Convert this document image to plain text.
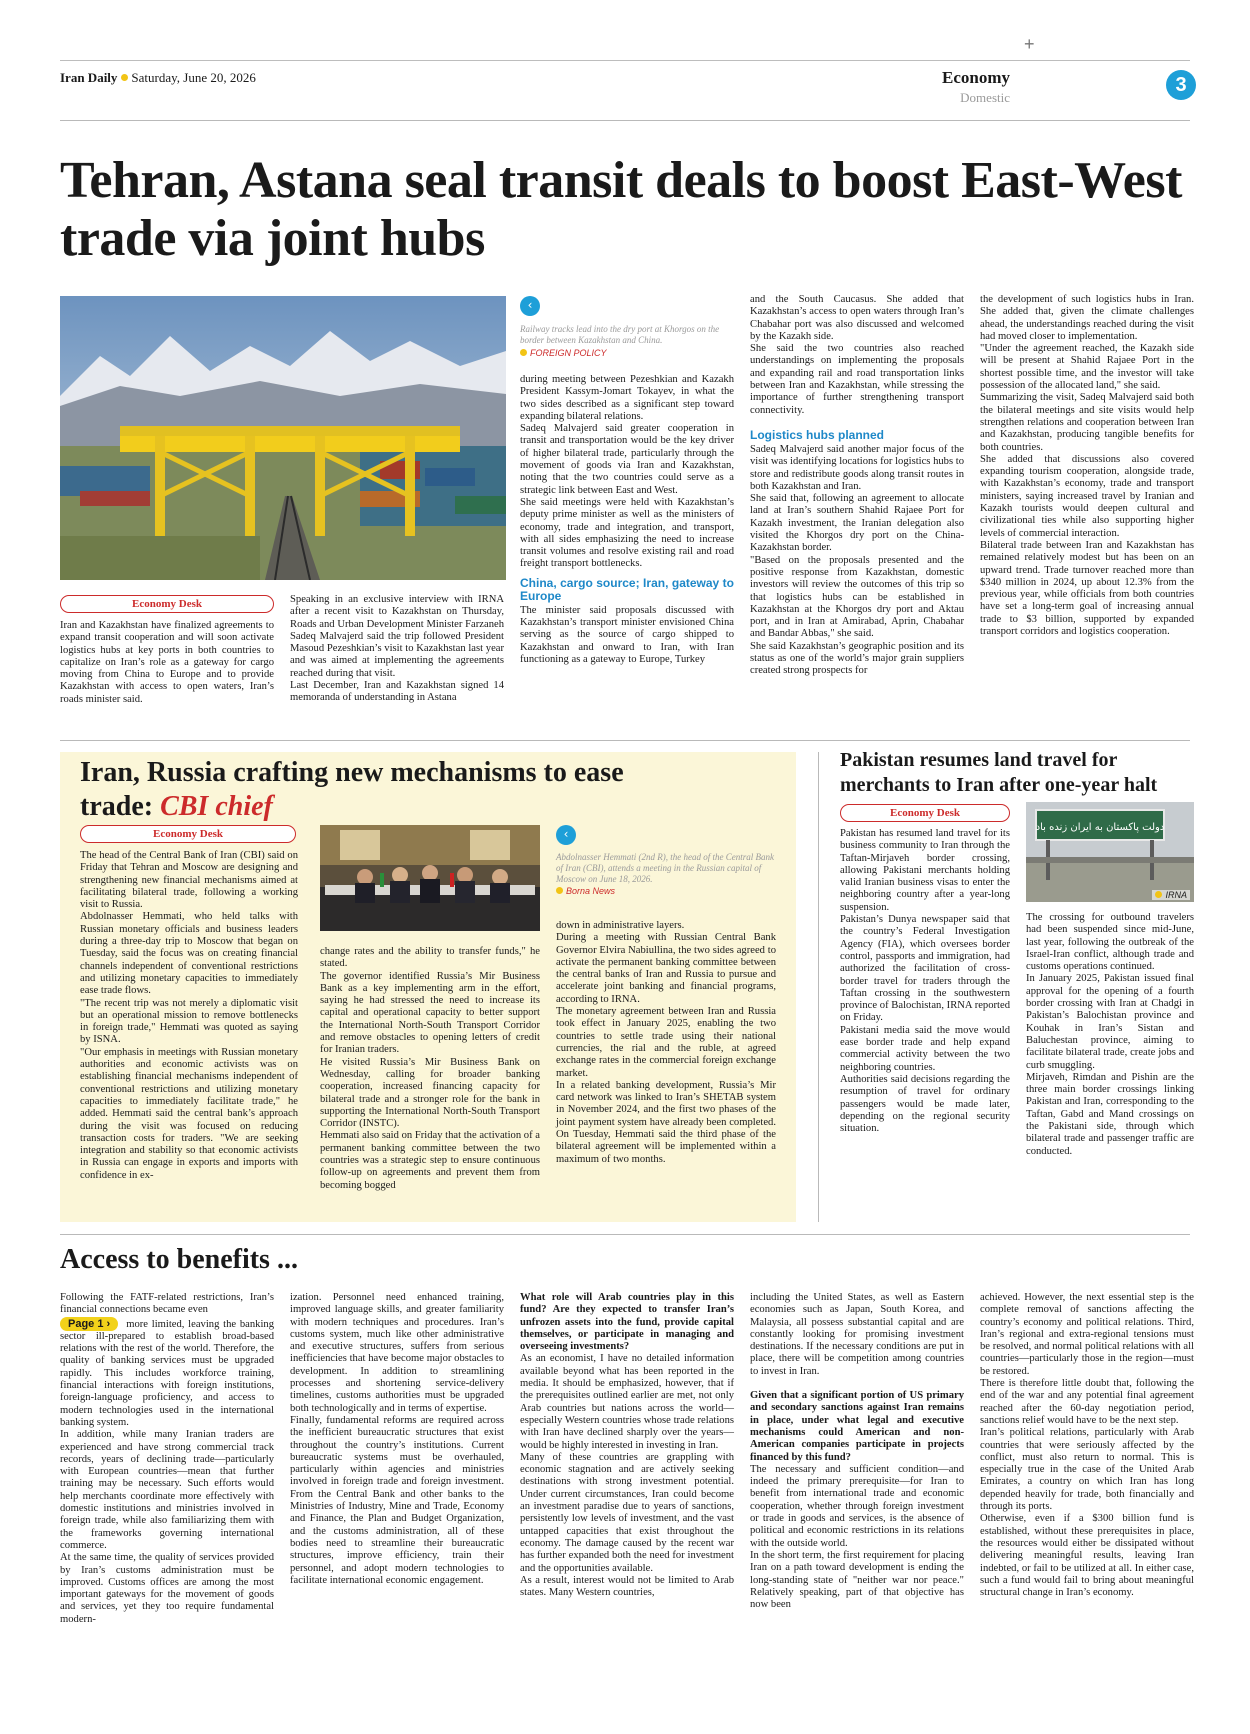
+
Iran Daily Saturday, June 20, 2026	Economy
Domestic
3
Tehran, Astana seal transit deals to boost East-West trade via joint hubs
‹
Railway tracks lead into the dry port at Khorgos on the border between Kazakhstan and China.
FOREIGN POLICY
Economy Desk
Iran and Kazakhstan have finalized agreements to expand transit cooperation and will soon activate logistics hubs at key ports in both countries to capitalize on Iran’s role as a gateway for cargo moving from China to Europe and to provide Kazakhstan with access to open waters, Iran’s roads minister said.
Speaking in an exclusive interview with IRNA after a recent visit to Kazakhstan on Thursday, Roads and Urban Development Minister Farzaneh Sadeq Malvajerd said the trip followed President Masoud Pezeshkian’s visit to Kazakhstan last year and was aimed at implementing the agreements reached during that visit.
Last December, Iran and Kazakhstan signed 14 memoranda of understanding in Astana

during meeting between Pezeshkian and Kazakh President Kassym-Jomart Tokayev, in what the two sides described as a significant step toward expanding bilateral relations.
Sadeq Malvajerd said greater cooperation in transit and transportation would be the key driver of higher bilateral trade, particularly through the movement of goods via Iran and Kazakhstan, noting that the two countries could serve as a strategic link between East and West.
She said meetings were held with Kazakhstan’s deputy prime minister as well as the ministers of economy, trade and integration, and transport, with all sides emphasizing the need to increase transit volumes and resolve existing rail and road freight transport bottlenecks.

China, cargo source; Iran, gateway to Europe

The minister said proposals discussed with Kazakhstan’s transport minister envisioned China serving as the source of cargo shipped to Kazakhstan and onward to Iran, with Iran functioning as a gateway to Europe, Turkey

and the South Caucasus. She added that Kazakhstan’s access to open waters through Iran’s Chabahar port was also discussed and welcomed by the Kazakh side.
She said the two countries also reached understandings on implementing the proposals and expanding rail and road transportation links between Iran and Kazakhstan, while stressing the importance of further strengthening transport connectivity.

Logistics hubs planned

Sadeq Malvajerd said another major focus of the visit was identifying locations for logistics hubs to store and redistribute goods along transit routes in both Kazakhstan and Iran.
She said that, following an agreement to allocate land at Iran’s southern Shahid Rajaee Port for Kazakh investment, the Iranian delegation also visited the Khorgos dry port on the China-Kazakhstan border.
"Based on the proposals presented and the positive response from Kazakhstan, domestic investors will review the outcomes of this trip so that logistics hubs can be established in Kazakhstan at the Khorgos dry port and Aktau port, and in Iran at Amirabad, Aprin, Chabahar and Bandar Abbas," she said.
She said Kazakhstan’s geographic position and its status as one of the world’s major grain suppliers created strong prospects for

the development of such logistics hubs in Iran. She added that, given the climate challenges ahead, the understandings reached during the visit had moved closer to implementation.
"Under the agreement reached, the Kazakh side will be present at Shahid Rajaee Port in the shortest possible time, and the investor will take possession of the allocated land," she said.
Summarizing the visit, Sadeq Malvajerd said both the bilateral meetings and site visits would help strengthen relations and cooperation between Iran and Kazakhstan, producing tangible benefits for both countries.
She added that discussions also covered expanding tourism cooperation, alongside trade, with Kazakhstan’s economy, trade and transport ministers, saying increased travel by Iranian and Kazakh tourists would deepen cultural and civilizational ties while also supporting higher levels of commercial interaction.
Bilateral trade between Iran and Kazakhstan has remained relatively modest but has been on an upward trend. Trade turnover reached more than $340 million in 2024, up about 12.3% from the previous year, while officials from both countries have set a long-term goal of increasing annual trade to $3 billion, supported by expanded transport corridors and logistics cooperation.
Iran, Russia crafting new mechanisms to ease trade: CBI chief
Economy Desk	‹
Abdolnasser Hemmati (2nd R), the head of the Central Bank of Iran (CBI), attends a meeting in the Russian capital of Moscow on June 18, 2026.
Borna News
The head of the Central Bank of Iran (CBI) said on Friday that Tehran and Moscow are designing and strengthening new financial mechanisms aimed at facilitating bilateral trade, following a working visit to Russia.
Abdolnasser Hemmati, who held talks with Russian monetary officials and business leaders during a three-day trip to Moscow that began on Tuesday, said the focus was on creating financial channels independent of conventional restrictions and utilizing monetary capacities to immediately ease trade flows.
"The recent trip was not merely a diplomatic visit but an operational mission to remove bottlenecks in foreign trade," Hemmati was quoted as saying by ISNA.
"Our emphasis in meetings with Russian monetary authorities and economic activists was on establishing financial mechanisms independent of conventional restrictions and utilizing monetary capacities to immediately facilitate trade," he added. Hemmati said the central bank’s approach during the visit was focused on reducing transaction costs for traders. "We are seeking integration and stability so that economic activists in Russia can engage in exports and imports with confidence in ex-
change rates and the ability to transfer funds," he stated.
The governor identified Russia’s Mir Business Bank as a key implementing arm in the effort, saying he had stressed the need to increase its capital and operational capacity to better support the International North-South Transport Corridor and remove obstacles to opening letters of credit for Iranian traders.
He visited Russia’s Mir Business Bank on Wednesday, calling for broader banking cooperation, increased financing capacity for bilateral trade and a stronger role for the bank in supporting the International North-South Transport Corridor (INSTC).
Hemmati also said on Friday that the activation of a permanent banking committee between the two countries was a strategic step to ensure continuous follow-up on agreements and prevent them from becoming bogged
down in administrative layers.
During a meeting with Russian Central Bank Governor Elvira Nabiullina, the two sides agreed to activate the permanent banking committee between the central banks of Iran and Russia to pursue and accelerate joint banking and financial programs, according to IRNA.
The monetary agreement between Iran and Russia took effect in January 2025, enabling the two countries to settle trade using their national currencies, the rial and the ruble, at agreed exchange rates in the commercial foreign exchange market.
In a related banking development, Russia’s Mir card network was linked to Iran’s SHETAB system in November 2024, and the first two phases of the joint payment system have already been completed. On Tuesday, Hemmati said the third phase of the bilateral agreement will be implemented within a maximum of two months.
Pakistan resumes land travel for merchants to Iran after one-year halt
Economy Desk
دولت پاکستان به ایران زنده باد
IRNA
Pakistan has resumed land travel for its business community to Iran through the Taftan-Mirjaveh border crossing, allowing Pakistani merchants holding valid Iranian business visas to enter the neighboring country after a year-long suspension.
Pakistan’s Dunya newspaper said that the country’s Federal Investigation Agency (FIA), which oversees border control, passports and immigration, had authorized the facilitation of cross-border travel for traders through the Taftan crossing in the southwestern province of Balochistan, IRNA reported on Friday.
Pakistani media said the move would ease border trade and help expand commercial activity between the two neighboring countries.
Authorities said decisions regarding the resumption of travel for ordinary passengers would be made later, depending on the regional security situation.
The crossing for outbound travelers had been suspended since mid-June, last year, following the outbreak of the Israel-Iran conflict, although trade and customs operations continued.
In January 2025, Pakistan issued final approval for the opening of a fourth border crossing with Iran at Chadgi in Pakistan’s Balochistan province and Kouhak in Iran’s Sistan and Baluchestan province, aiming to facilitate bilateral trade, create jobs and curb smuggling.
Mirjaveh, Rimdan and Pishin are the three main border crossings linking Pakistan and Iran, corresponding to the Taftan, Gabd and Mand crossings on the Pakistani side, through which bilateral trade and passenger traffic are conducted.
Access to benefits ...

Following the FATF-related restrictions, Iran’s financial connections became even

Page 1 › more limited, leaving the banking sector ill-prepared to establish broad-based relations with the rest of the world. Therefore, the quality of banking services must be upgraded rapidly. This includes workforce training, financial interactions with foreign institutions, foreign-language proficiency, and access to modern technologies used in the international banking system.
In addition, while many Iranian traders are experienced and have strong commercial track records, years of declining trade—particularly with European countries—mean that further training may be necessary. Such efforts would help merchants coordinate more effectively with domestic institutions and ministries involved in foreign trade, while also familiarizing them with the frameworks governing international commerce.
At the same time, the quality of services provided by Iran’s customs administration must be improved. Customs offices are among the most important gateways for the movement of goods and services, yet they too require fundamental modern-

ization. Personnel need enhanced training, improved language skills, and greater familiarity with modern techniques and procedures. Iran’s customs system, much like other administrative and executive structures, suffers from serious inefficiencies that have become major obstacles to development. In addition to streamlining processes and shortening service-delivery timelines, customs authorities must be upgraded both technologically and in terms of expertise.
Finally, fundamental reforms are required across the inefficient bureaucratic structures that exist throughout the country’s institutions. Current bureaucratic systems must be overhauled, particularly within agencies and ministries involved in foreign trade and foreign investment. From the Central Bank and other banks to the Ministries of Industry, Mine and Trade, Economy and Finance, the Plan and Budget Organization, and the customs administration, all of these bodies need to streamline their bureaucratic structures, improve efficiency, train their personnel, and adopt modern technologies to facilitate international economic engagement.

What role will Arab countries play in this fund? Are they expected to transfer Iran’s unfrozen assets into the fund, provide capital themselves, or participate in managing and overseeing investments?

As an economist, I have no detailed information available beyond what has been reported in the media. It should be emphasized, however, that if the prerequisites outlined earlier are met, not only Arab countries but nations across the world—especially Western countries whose trade relations with Iran have declined sharply over the years—would be highly interested in investing in Iran.
Many of these countries are grappling with economic stagnation and are actively seeking destinations with strong investment potential. Under current circumstances, Iran could become an investment paradise due to years of sanctions, persistently low levels of investment, and the vast untapped capacities that exist throughout the economy. The damage caused by the recent war has further expanded both the need for investment and the opportunities available.
As a result, interest would not be limited to Arab states. Many Western countries,

including the United States, as well as Eastern economies such as Japan, South Korea, and Malaysia, all possess substantial capital and are constantly looking for promising investment destinations. If the necessary conditions are put in place, there will be competition among countries to invest in Iran.

Given that a significant portion of US primary and secondary sanctions against Iran remains in place, under what legal and executive mechanisms could American and non-American companies participate in projects financed by this fund?

The necessary and sufficient condition—and indeed the primary prerequisite—for Iran to benefit from international trade and economic cooperation, whether through foreign investment or trade in goods and services, is the absence of political and economic restrictions in its relations with the outside world.
In the short term, the first requirement for placing Iran on a path toward development is ending the long-standing state of "neither war nor peace." Relatively speaking, part of that objective has now been

achieved. However, the next essential step is the complete removal of sanctions affecting the country’s economy and political relations. Third, Iran’s regional and extra-regional tensions must be resolved, and normal political relations with all countries—particularly those in the region—must be restored.
There is therefore little doubt that, following the end of the war and any potential final agreement reached after the 60-day negotiation period, sanctions relief would have to be the next step.
Iran’s political relations, particularly with Arab countries that were seriously affected by the conflict, must also return to normal. This is especially true in the case of the United Arab Emirates, a country on which Iran has long depended heavily for trade, both financially and through its ports.
Otherwise, even if a $300 billion fund is established, without these prerequisites in place, the resources would either be dissipated without delivering meaningful results, leaving Iran indebted, or fail to be utilized at all. In either case, such a fund would fail to bring about meaningful structural change in Iran’s economy.
